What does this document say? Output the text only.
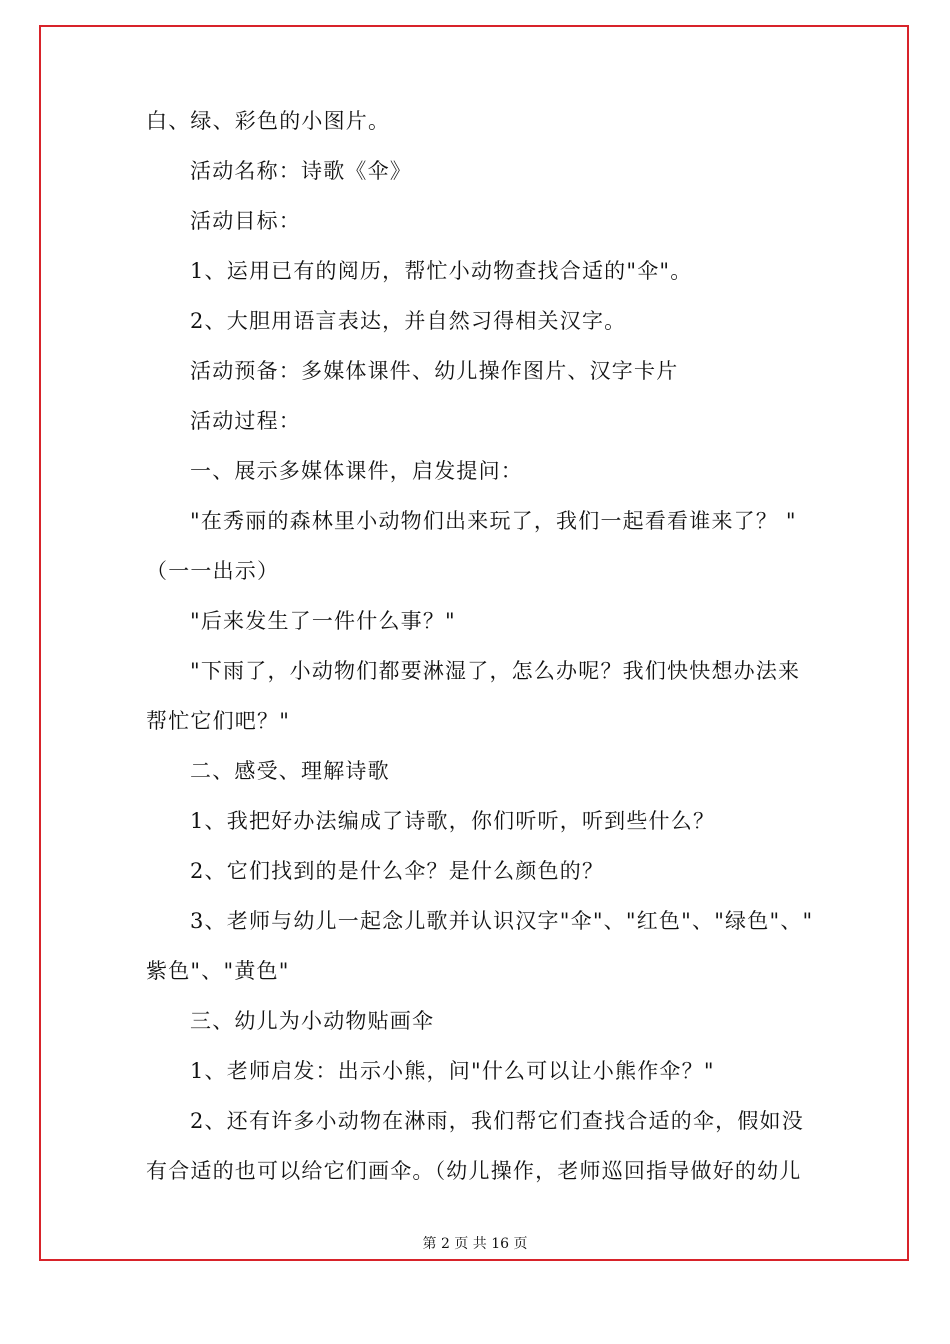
白、绿、彩色的小图片。
活动名称：诗歌《伞》
活动目标：
1、运用已有的阅历，帮忙小动物查找合适的"伞"。
2、大胆用语言表达，并自然习得相关汉字。
活动预备：多媒体课件、幼儿操作图片、汉字卡片
活动过程：
一、展示多媒体课件，启发提问：
"在秀丽的森林里小动物们出来玩了，我们一起看看谁来了？ "
（一一出示）
"后来发生了一件什么事？"
"下雨了，小动物们都要淋湿了，怎么办呢？我们快快想办法来
帮忙它们吧？"
二、感受、理解诗歌
1、我把好办法编成了诗歌，你们听听，听到些什么？
2、它们找到的是什么伞？是什么颜色的？
3、老师与幼儿一起念儿歌并认识汉字"伞"、"红色"、"绿色"、"
紫色"、"黄色"
三、幼儿为小动物贴画伞
1、老师启发：出示小熊，问"什么可以让小熊作伞？"
2、还有许多小动物在淋雨，我们帮它们查找合适的伞，假如没
有合适的也可以给它们画伞。（幼儿操作，老师巡回指导做好的幼儿
第 2 页 共 16 页
